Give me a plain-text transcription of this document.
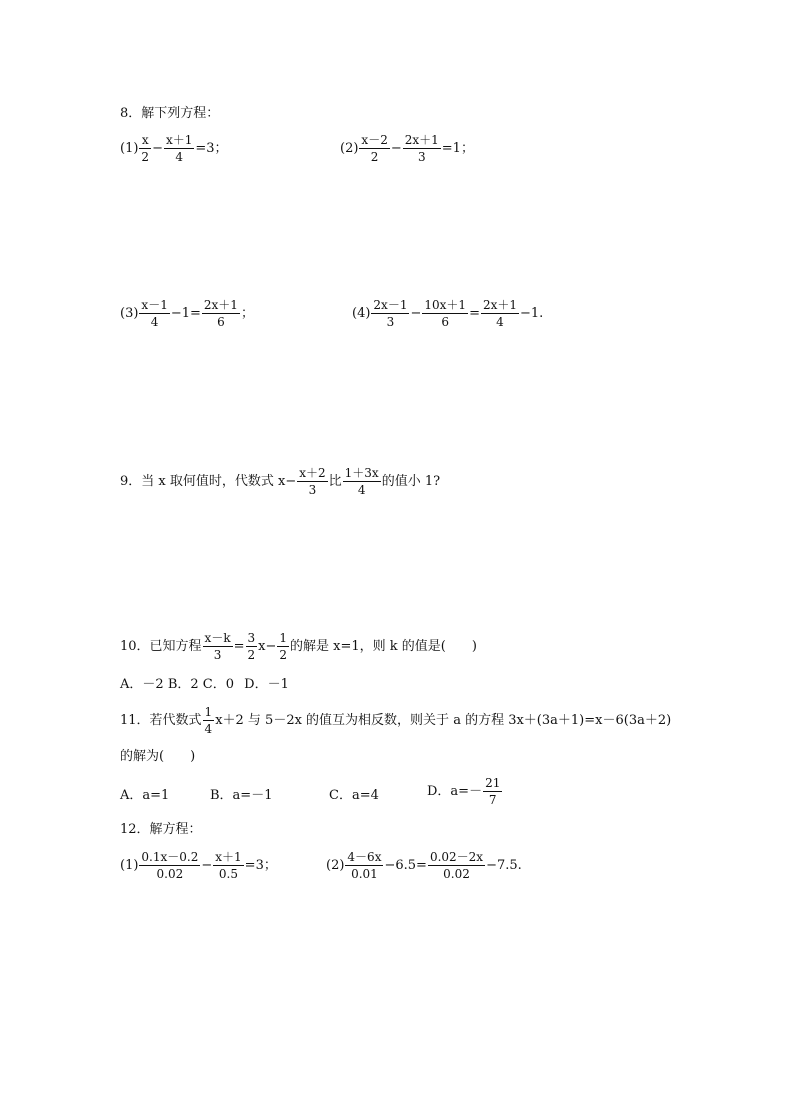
8．解下列方程：
$(1) \frac{x}{2} - \frac{x+1}{4} =3$；	$(2) \frac{x-2}{2} - \frac{2x+1}{3} =1$；
$(3) \frac{x-1}{4} -1= \frac{2x+1}{6}$ ；	$(4) \frac{2x-1}{3} - \frac{10x+1}{6} = \frac{2x+1}{4} -1$.
9．当 x 取何值时，代数式 $x- \frac{x+2}{3}$ 比 $\frac{1+3x}{4}$ 的值小 1?
10．已知方程 $\frac{x-k}{3} = \frac{3}{2} x- \frac{1}{2}$ 的解是 x=1，则 k 的值是(　　)
A．－2 B．2 C．0 D．－1
11．若代数式 $\frac{1}{4} x+2$ 与 5－2x 的值互为相反数，则关于 a 的方程 3x＋(3a＋1)=x－6(3a＋2)
的解为(　　)
A．a=1	B．a=－1	C．a=4	D．$a=- \frac{21}{7}$
12．解方程：
$(1) \frac{0.1x-0.2}{0.02} - \frac{x+1}{0.5} =3$；	$(2) \frac{4-6x}{0.01} -6.5= \frac{0.02-2x}{0.02} -7.5$.
